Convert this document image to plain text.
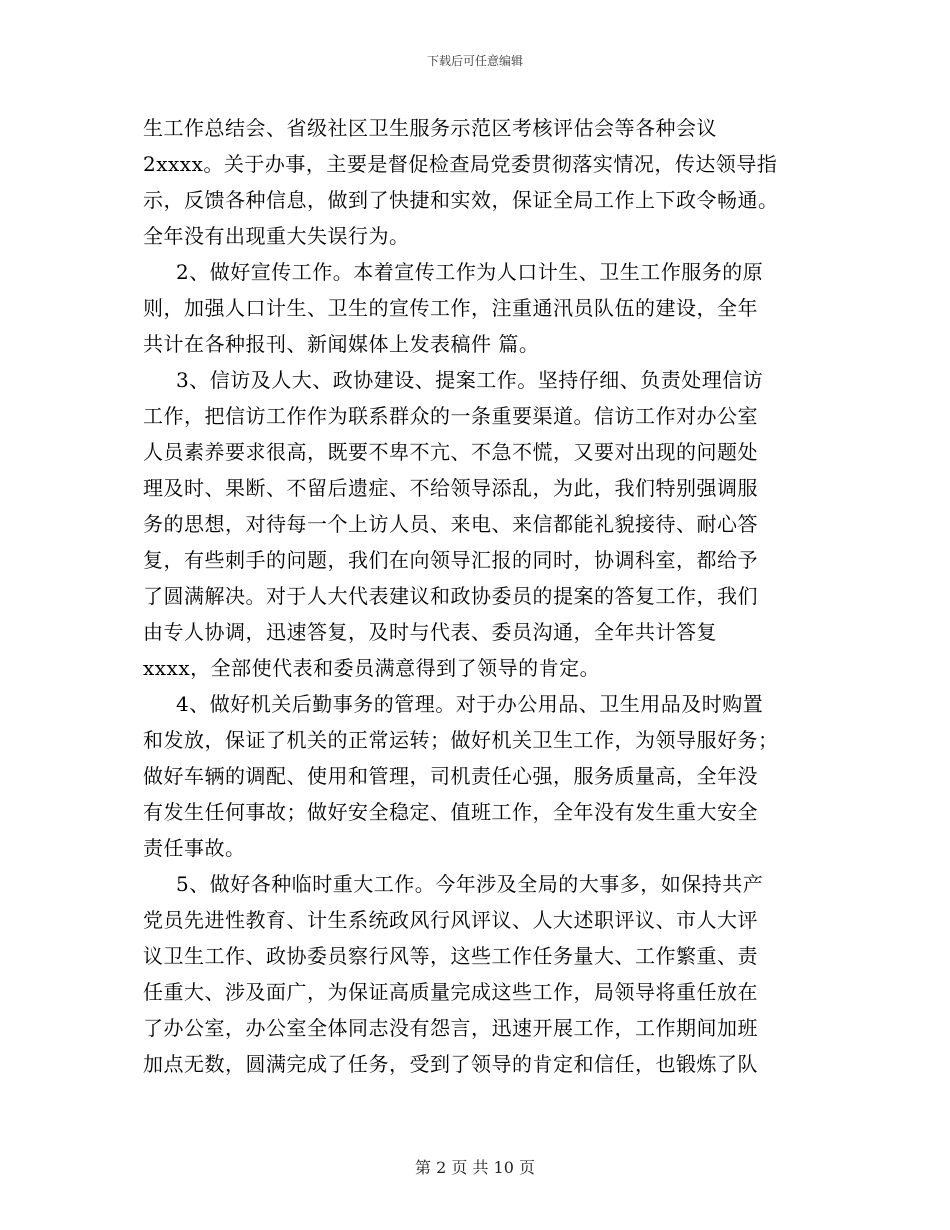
下载后可任意编辑
生工作总结会、省级社区卫生服务示范区考核评估会等各种会议
2xxxx。关于办事，主要是督促检查局党委贯彻落实情况，传达领导指
示，反馈各种信息，做到了快捷和实效，保证全局工作上下政令畅通。
全年没有出现重大失误行为。
2、做好宣传工作。本着宣传工作为人口计生、卫生工作服务的原
则，加强人口计生、卫生的宣传工作，注重通汛员队伍的建设，全年
共计在各种报刊、新闻媒体上发表稿件 篇。
3、信访及人大、政协建设、提案工作。坚持仔细、负责处理信访
工作，把信访工作作为联系群众的一条重要渠道。信访工作对办公室
人员素养要求很高，既要不卑不亢、不急不慌，又要对出现的问题处
理及时、果断、不留后遗症、不给领导添乱，为此，我们特别强调服
务的思想，对待每一个上访人员、来电、来信都能礼貌接待、耐心答
复，有些刺手的问题，我们在向领导汇报的同时，协调科室，都给予
了圆满解决。对于人大代表建议和政协委员的提案的答复工作，我们
由专人协调，迅速答复，及时与代表、委员沟通，全年共计答复
xxxx，全部使代表和委员满意得到了领导的肯定。
4、做好机关后勤事务的管理。对于办公用品、卫生用品及时购置
和发放，保证了机关的正常运转；做好机关卫生工作，为领导服好务；
做好车辆的调配、使用和管理，司机责任心强，服务质量高，全年没
有发生任何事故；做好安全稳定、值班工作，全年没有发生重大安全
责任事故。
5、做好各种临时重大工作。今年涉及全局的大事多，如保持共产
党员先进性教育、计生系统政风行风评议、人大述职评议、市人大评
议卫生工作、政协委员察行风等，这些工作任务量大、工作繁重、责
任重大、涉及面广，为保证高质量完成这些工作，局领导将重任放在
了办公室，办公室全体同志没有怨言，迅速开展工作，工作期间加班
加点无数，圆满完成了任务，受到了领导的肯定和信任，也锻炼了队
第 2 页 共 10 页
